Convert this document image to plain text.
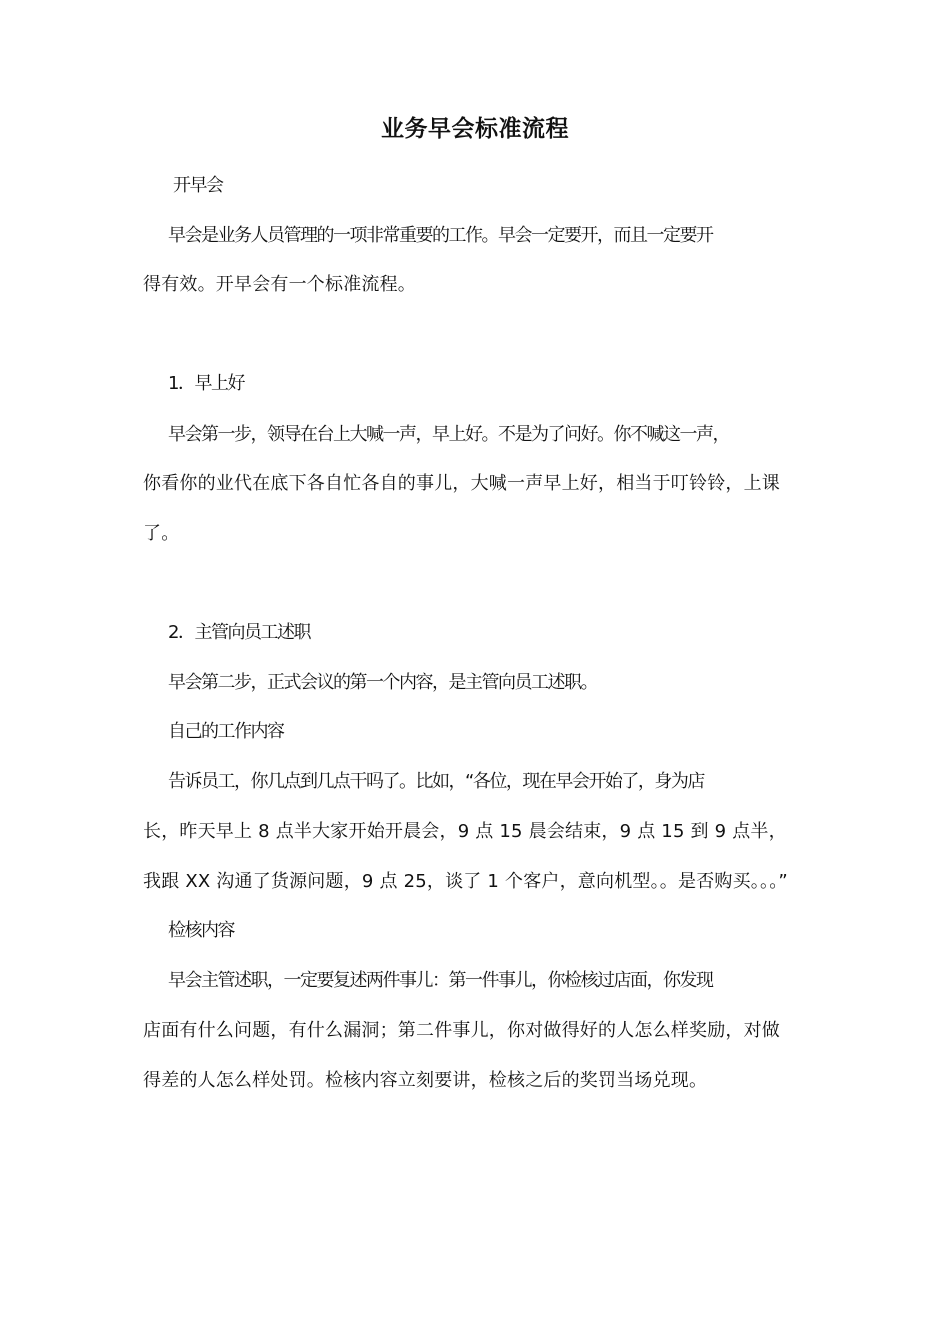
业务早会标准流程
开早会
早会是业务人员管理的一项非常重要的工作。早会一定要开，而且一定要开
得有效。开早会有一个标准流程。
1．早上好
早会第一步，领导在台上大喊一声，早上好。不是为了问好。你不喊这一声，
你看你的业代在底下各自忙各自的事儿，大喊一声早上好，相当于叮铃铃，上课
了。
2．主管向员工述职
早会第二步，正式会议的第一个内容，是主管向员工述职。
自己的工作内容
告诉员工，你几点到几点干吗了。比如，“各位，现在早会开始了，身为店
长，昨天早上 8 点半大家开始开晨会，9 点 15 晨会结束，9 点 15 到 9 点半，
我跟 XX 沟通了货源问题，9 点 25，谈了 1 个客户，意向机型。。是否购买。。。”
检核内容
早会主管述职，一定要复述两件事儿：第一件事儿，你检核过店面，你发现
店面有什么问题，有什么漏洞；第二件事儿，你对做得好的人怎么样奖励，对做
得差的人怎么样处罚。检核内容立刻要讲，检核之后的奖罚当场兑现。
